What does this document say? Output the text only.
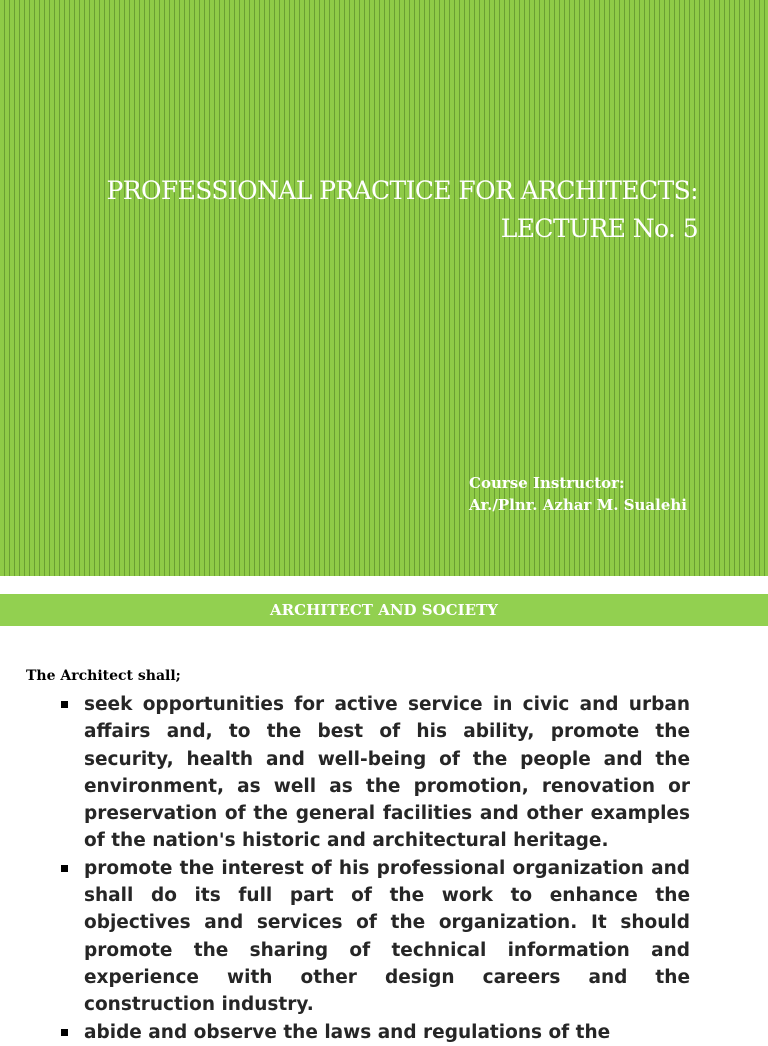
PROFESSIONAL PRACTICE FOR ARCHITECTS:
LECTURE No. 5
Course Instructor:
Ar./Plnr. Azhar M. Sualehi
ARCHITECT AND SOCIETY
The Architect shall;
seek opportunities for active service in civic and urban affairs and, to the best of his ability, promote the security, health and well-being of the people and the environment, as well as the promotion, renovation or preservation of the general facilities and other examples of the nation's historic and architectural heritage.
promote the interest of his professional organization and shall do its full part of the work to enhance the objectives and services of the organization. It should promote the sharing of technical information and experience with other design careers and the construction industry.
abide and observe the laws and regulations of the
